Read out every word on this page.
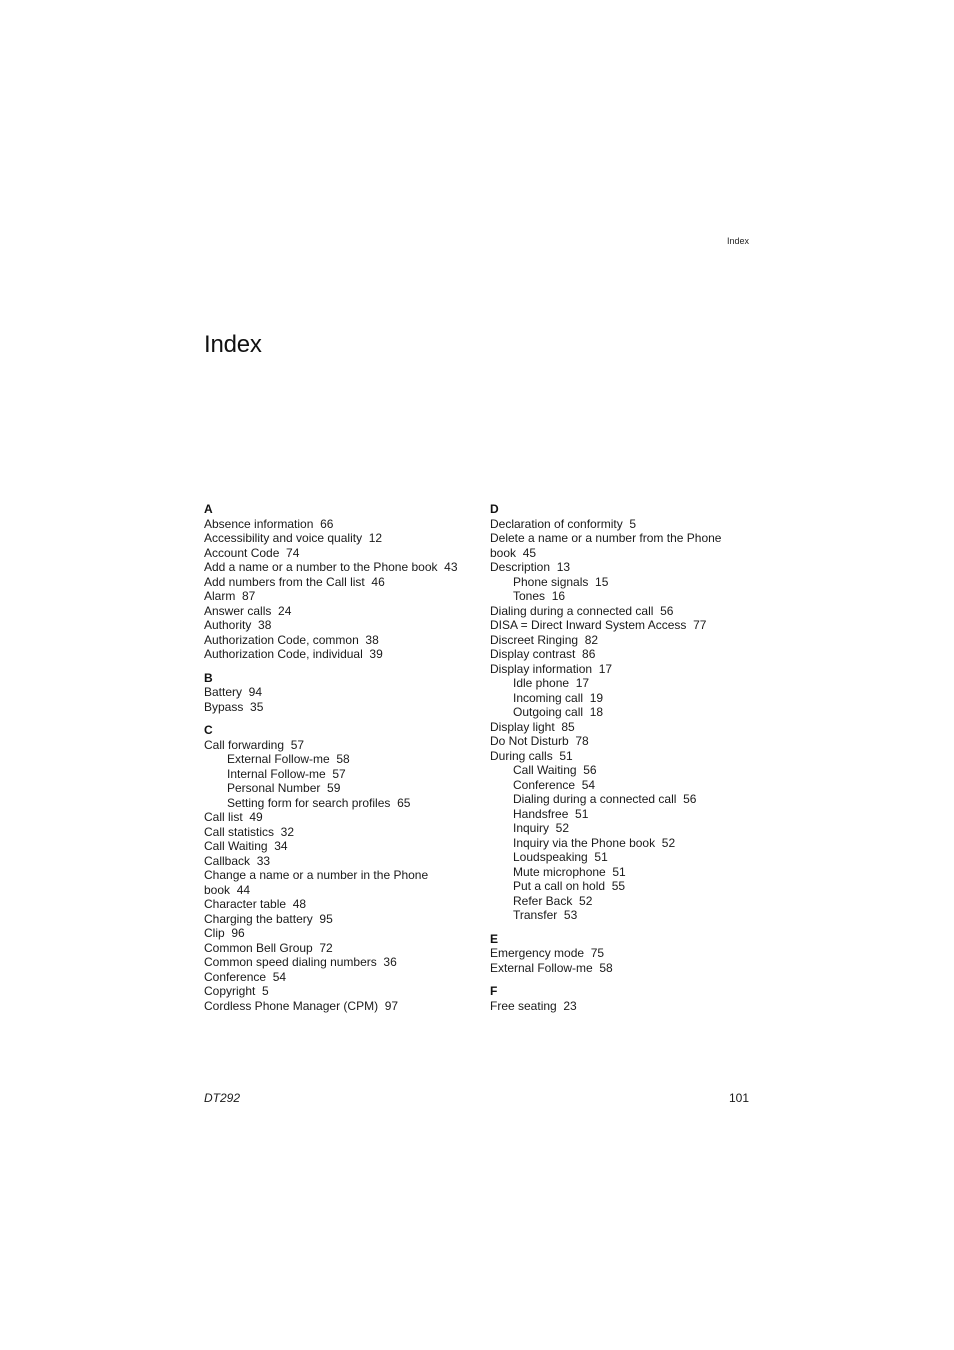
Index
Index
A
Absence information  66
Accessibility and voice quality  12
Account Code  74
Add a name or a number to the Phone book  43
Add numbers from the Call list  46
Alarm  87
Answer calls  24
Authority  38
Authorization Code, common  38
Authorization Code, individual  39
B
Battery  94
Bypass  35
C
Call forwarding  57
External Follow-me  58
Internal Follow-me  57
Personal Number  59
Setting form for search profiles  65
Call list  49
Call statistics  32
Call Waiting  34
Callback  33
Change a name or a number in the Phone book  44
Character table  48
Charging the battery  95
Clip  96
Common Bell Group  72
Common speed dialing numbers  36
Conference  54
Copyright  5
Cordless Phone Manager (CPM)  97
D
Declaration of conformity  5
Delete a name or a number from the Phone book  45
Description  13
Phone signals  15
Tones  16
Dialing during a connected call  56
DISA = Direct Inward System Access  77
Discreet Ringing  82
Display contrast  86
Display information  17
Idle phone  17
Incoming call  19
Outgoing call  18
Display light  85
Do Not Disturb  78
During calls  51
Call Waiting  56
Conference  54
Dialing during a connected call  56
Handsfree  51
Inquiry  52
Inquiry via the Phone book  52
Loudspeaking  51
Mute microphone  51
Put a call on hold  55
Refer Back  52
Transfer  53
E
Emergency mode  75
External Follow-me  58
F
Free seating  23
DT292	101
